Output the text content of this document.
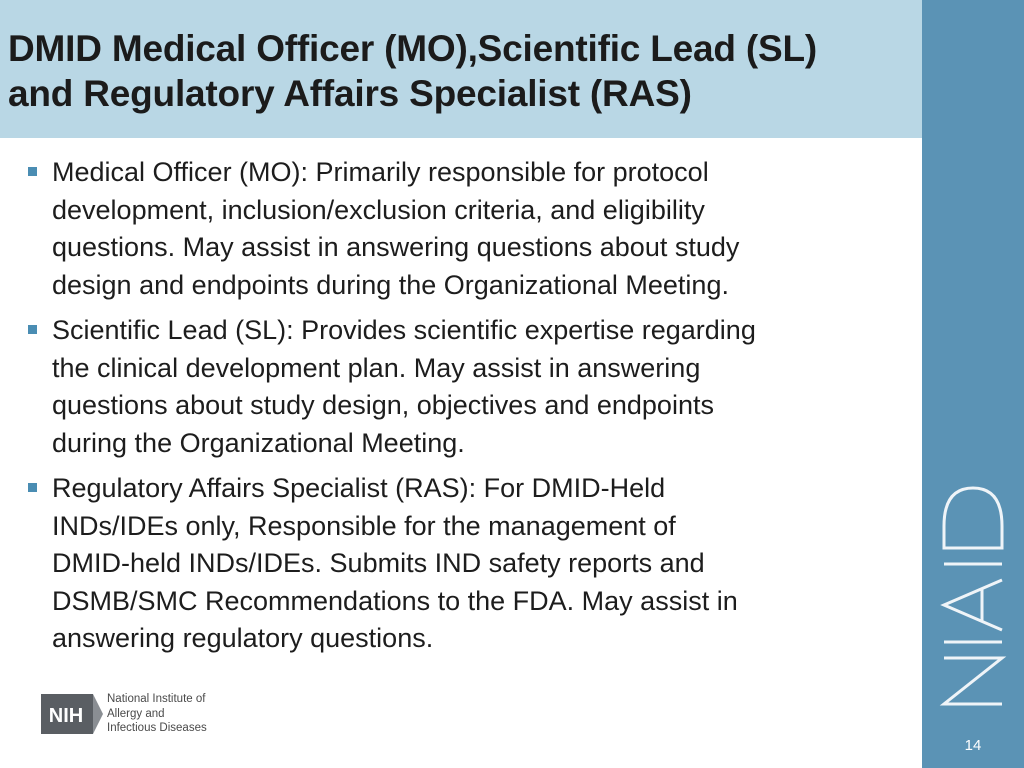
DMID Medical Officer (MO),Scientific Lead (SL)
and Regulatory Affairs Specialist (RAS)
NIAID
14
Medical Officer (MO): Primarily responsible for protocol
development, inclusion/exclusion criteria, and eligibility
questions. May assist in answering questions about study
design and endpoints during the Organizational Meeting.
Scientific Lead (SL): Provides scientific expertise regarding
the clinical development plan. May assist in answering
questions about study design, objectives and endpoints
during the Organizational Meeting.
Regulatory Affairs Specialist (RAS): For DMID-Held
INDs/IDEs only, Responsible for the management of
DMID-held INDs/IDEs. Submits IND safety reports and
DSMB/SMC Recommendations to the FDA. May assist in
answering regulatory questions.
NIH
National Institute of
Allergy and
Infectious Diseases
